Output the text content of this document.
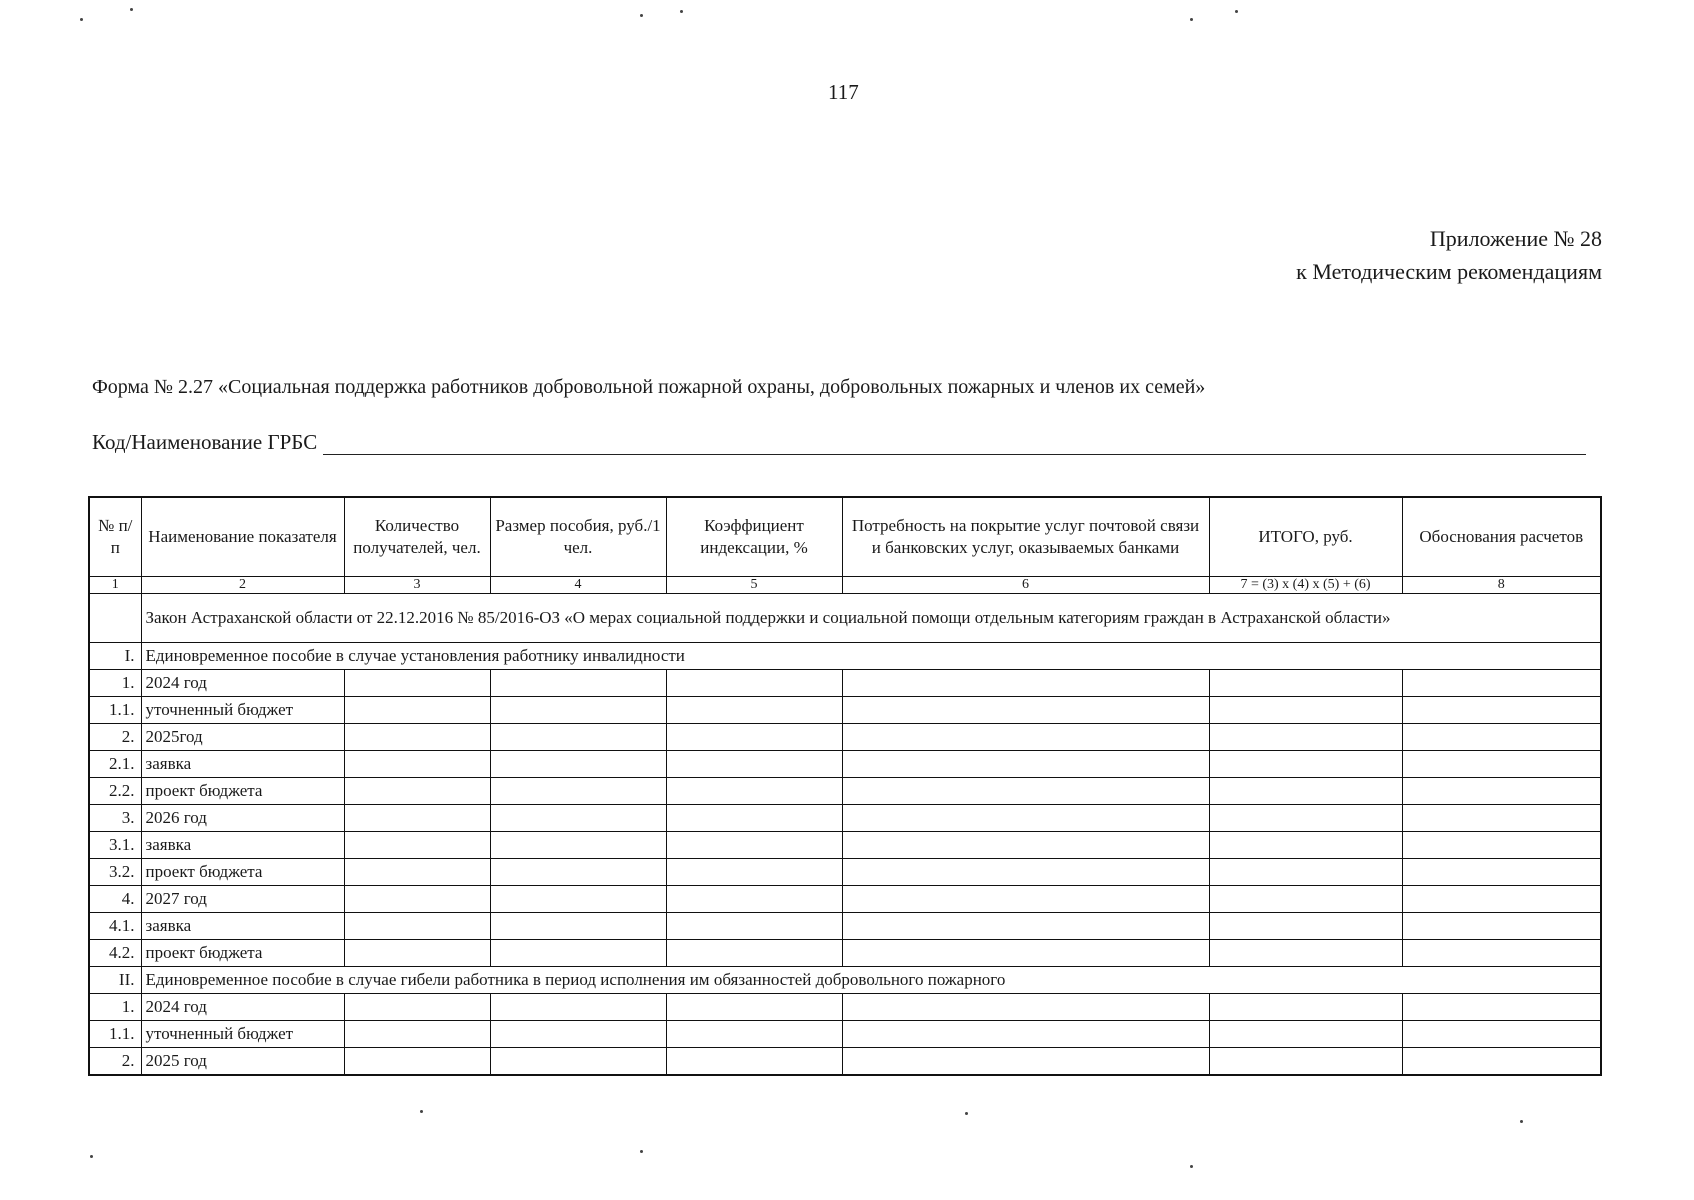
117
Приложение № 28
к Методическим рекомендациям
Форма № 2.27 «Социальная поддержка работников добровольной пожарной охраны, добровольных пожарных и членов их семей»
Код/Наименование ГРБС
№ п/п	Наименование показателя	Количество получателей, чел.	Размер пособия, руб./1 чел.	Коэффициент индексации, %	Потребность на покрытие услуг почтовой связи и банковских услуг, оказываемых банками	ИТОГО, руб.	Обоснования расчетов
1	2	3	4	5	6	7 = (3) х (4) х (5) + (6)	8
	Закон Астраханской области от 22.12.2016 № 85/2016-ОЗ «О мерах социальной поддержки и социальной помощи отдельным категориям граждан в Астраханской области»						
I.	Единовременное пособие в случае установления работнику инвалидности						
1.	2024 год						
1.1.	уточненный бюджет						
2.	2025год						
2.1.	заявка						
2.2.	проект бюджета						
3.	2026 год						
3.1.	заявка						
3.2.	проект бюджета						
4.	2027 год						
4.1.	заявка						
4.2.	проект бюджета						
II.	Единовременное пособие в случае гибели работника в период исполнения им обязанностей добровольного пожарного						
1.	2024 год						
1.1.	уточненный бюджет						
2.	2025 год						
